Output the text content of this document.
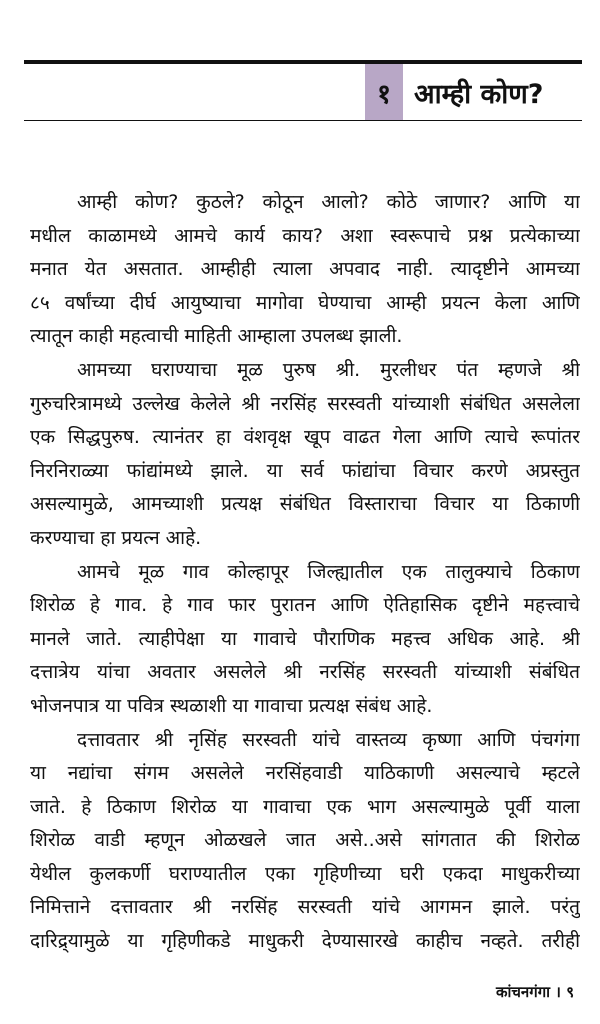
१ आम्ही कोण?
आम्ही कोण? कुठले? कोठून आलो? कोठे जाणार? आणि या
मधील काळामध्ये आमचे कार्य काय? अशा स्वरूपाचे प्रश्न प्रत्येकाच्या
मनात येत असतात. आम्हीही त्याला अपवाद नाही. त्यादृष्टीने आमच्या
८५ वर्षांच्या दीर्घ आयुष्याचा मागोवा घेण्याचा आम्ही प्रयत्न केला आणि
त्यातून काही महत्वाची माहिती आम्हाला उपलब्ध झाली.
आमच्या घराण्याचा मूळ पुरुष श्री. मुरलीधर पंत म्हणजे श्री
गुरुचरित्रामध्ये उल्लेख केलेले श्री नरसिंह सरस्वती यांच्याशी संबंधित असलेला
एक सिद्धपुरुष. त्यानंतर हा वंशवृक्ष खूप वाढत गेला आणि त्याचे रूपांतर
निरनिराळ्या फांद्यांमध्ये झाले. या सर्व फांद्यांचा विचार करणे अप्रस्तुत
असल्यामुळे, आमच्याशी प्रत्यक्ष संबंधित विस्ताराचा विचार या ठिकाणी
करण्याचा हा प्रयत्न आहे.
आमचे मूळ गाव कोल्हापूर जिल्ह्यातील एक तालुक्याचे ठिकाण
शिरोळ हे गाव. हे गाव फार पुरातन आणि ऐतिहासिक दृष्टीने महत्त्वाचे
मानले जाते. त्याहीपेक्षा या गावाचे पौराणिक महत्त्व अधिक आहे. श्री
दत्तात्रेय यांचा अवतार असलेले श्री नरसिंह सरस्वती यांच्याशी संबंधित
भोजनपात्र या पवित्र स्थळाशी या गावाचा प्रत्यक्ष संबंध आहे.
दत्तावतार श्री नृसिंह सरस्वती यांचे वास्तव्य कृष्णा आणि पंचगंगा
या नद्यांचा संगम असलेले नरसिंहवाडी याठिकाणी असल्याचे म्हटले
जाते. हे ठिकाण शिरोळ या गावाचा एक भाग असल्यामुळे पूर्वी याला
शिरोळ वाडी म्हणून ओळखले जात असे..असे सांगतात की शिरोळ
येथील कुलकर्णी घराण्यातील एका गृहिणीच्या घरी एकदा माधुकरीच्या
निमित्ताने दत्तावतार श्री नरसिंह सरस्वती यांचे आगमन झाले. परंतु
दारिद्र्यामुळे या गृहिणीकडे माधुकरी देण्यासारखे काहीच नव्हते. तरीही
कांचनगंगा । ९
